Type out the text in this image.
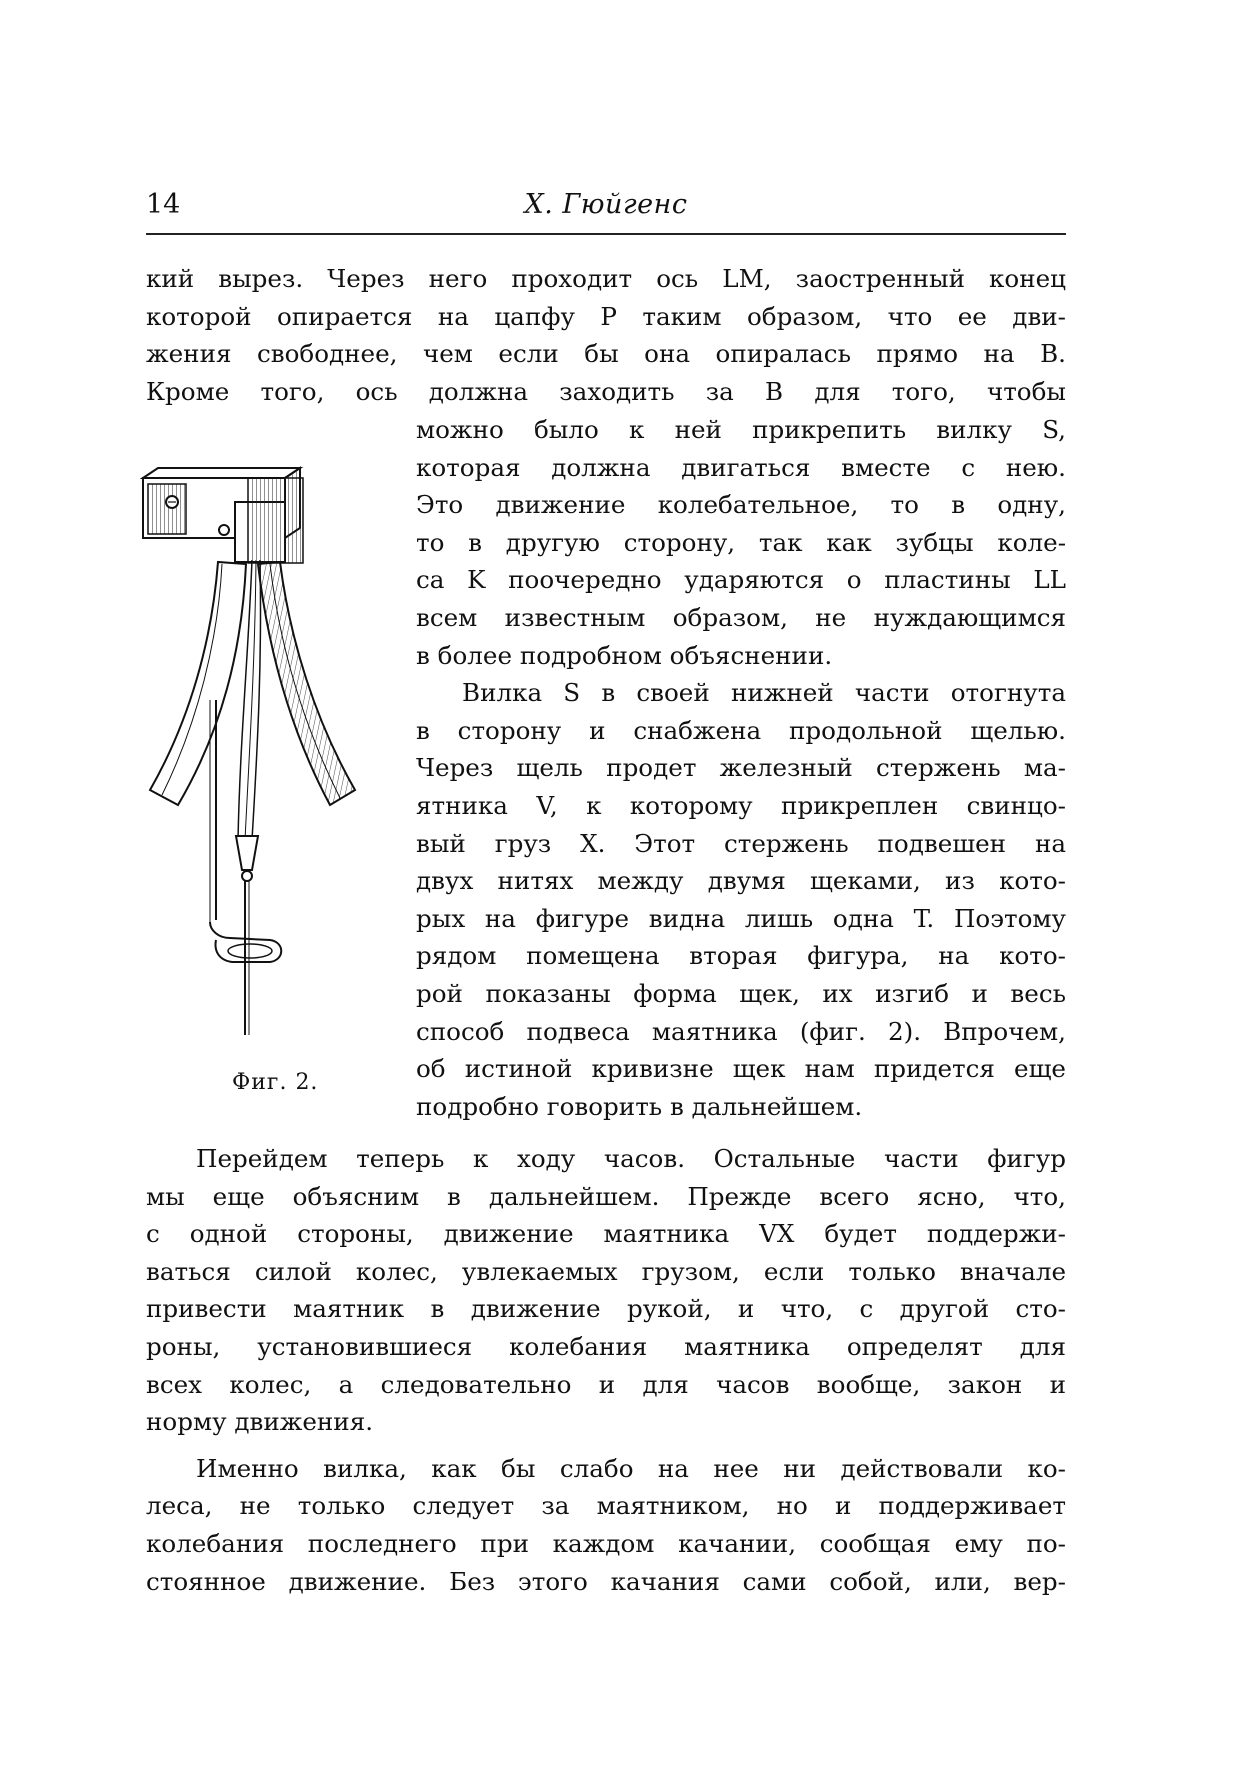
14	Х. Гюйгенс
кий вырез. Через него проходит ось LM, заостренный конец
которой опирается на цапфу P таким образом, что ее дви-
жения свободнее, чем если бы она опиралась прямо на B.
Кроме того, ось должна заходить за B для того, чтобы
можно было к ней прикрепить вилку S,
которая должна двигаться вместе с нею.
Это движение колебательное, то в одну,
то в другую сторону, так как зубцы коле-
са K поочередно ударяются о пластины LL
всем известным образом, не нуждающимся
в более подробном объяснении.
Вилка S в своей нижней части отогнута
в сторону и снабжена продольной щелью.
Через щель продет железный стержень ма-
ятника V, к которому прикреплен свинцо-
вый груз X. Этот стержень подвешен на
двух нитях между двумя щеками, из кото-
рых на фигуре видна лишь одна T. Поэтому
рядом помещена вторая фигура, на кото-
рой показаны форма щек, их изгиб и весь
способ подвеса маятника (фиг. 2). Впрочем,
об истиной кривизне щек нам придется еще
подробно говорить в дальнейшем.
Фиг. 2.
Перейдем теперь к ходу часов. Остальные части фигур
мы еще объясним в дальнейшем. Прежде всего ясно, что,
с одной стороны, движение маятника VX будет поддержи-
ваться силой колес, увлекаемых грузом, если только вначале
привести маятник в движение рукой, и что, с другой сто-
роны, установившиеся колебания маятника определят для
всех колес, а следовательно и для часов вообще, закон и
норму движения.
Именно вилка, как бы слабо на нее ни действовали ко-
леса, не только следует за маятником, но и поддерживает
колебания последнего при каждом качании, сообщая ему по-
стоянное движение. Без этого качания сами собой, или, вер-
